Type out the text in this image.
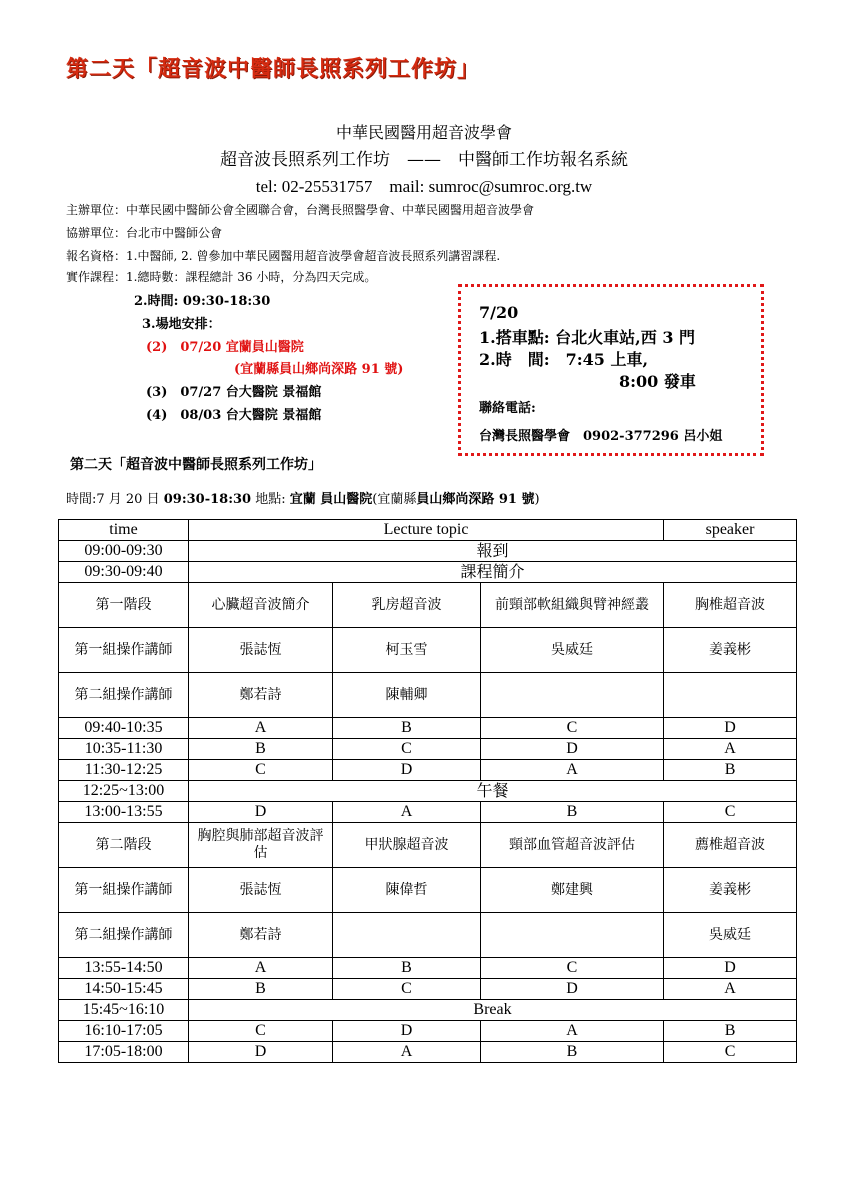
第二天「超音波中醫師長照系列工作坊」
中華民國醫用超音波學會
超音波長照系列工作坊　——　中醫師工作坊報名系統
tel: 02-25531757　mail: sumroc@sumroc.org.tw
主辦單位：中華民國中醫師公會全國聯合會，台灣長照醫學會、中華民國醫用超音波學會
協辦單位：台北市中醫師公會
報名資格：1.中醫師, 2. 曾參加中華民國醫用超音波學會超音波長照系列講習課程.
實作課程：1.總時數：課程總計 36 小時，分為四天完成。
2.時間: 09:30-18:30
3.場地安排：
(2)　07/20 宜蘭員山醫院
(宜蘭縣員山鄉尚深路 91 號)
(3)　07/27 台大醫院 景福館
(4)　08/03 台大醫院 景福館
7/20
1.搭車點: 台北火車站,西 3 門
2.時　間:　7:45 上車,
8:00 發車
聯絡電話:
台灣長照醫學會　0902-377296 呂小姐
第二天「超音波中醫師長照系列工作坊」
時間:7 月 20 日 09:30-18:30 地點: 宜蘭 員山醫院(宜蘭縣員山鄉尚深路 91 號)
time	Lecture topic			speaker
09:00-09:30	報到			
09:30-09:40	課程簡介			
第一階段	心臟超音波簡介	乳房超音波	前頸部軟組織與臂神經叢	胸椎超音波
第一組操作講師	張誌恆	柯玉雪	吳威廷	姜義彬
第二組操作講師	鄭若詩	陳輔卿		
09:40-10:35	A	B	C	D
10:35-11:30	B	C	D	A
11:30-12:25	C	D	A	B
12:25~13:00	午餐			
13:00-13:55	D	A	B	C
第二階段	胸腔與肺部超音波評估	甲狀腺超音波	頸部血管超音波評估	薦椎超音波
第一組操作講師	張誌恆	陳偉哲	鄭建興	姜義彬
第二組操作講師	鄭若詩			吳威廷
13:55-14:50	A	B	C	D
14:50-15:45	B	C	D	A
15:45~16:10	Break			
16:10-17:05	C	D	A	B
17:05-18:00	D	A	B	C
